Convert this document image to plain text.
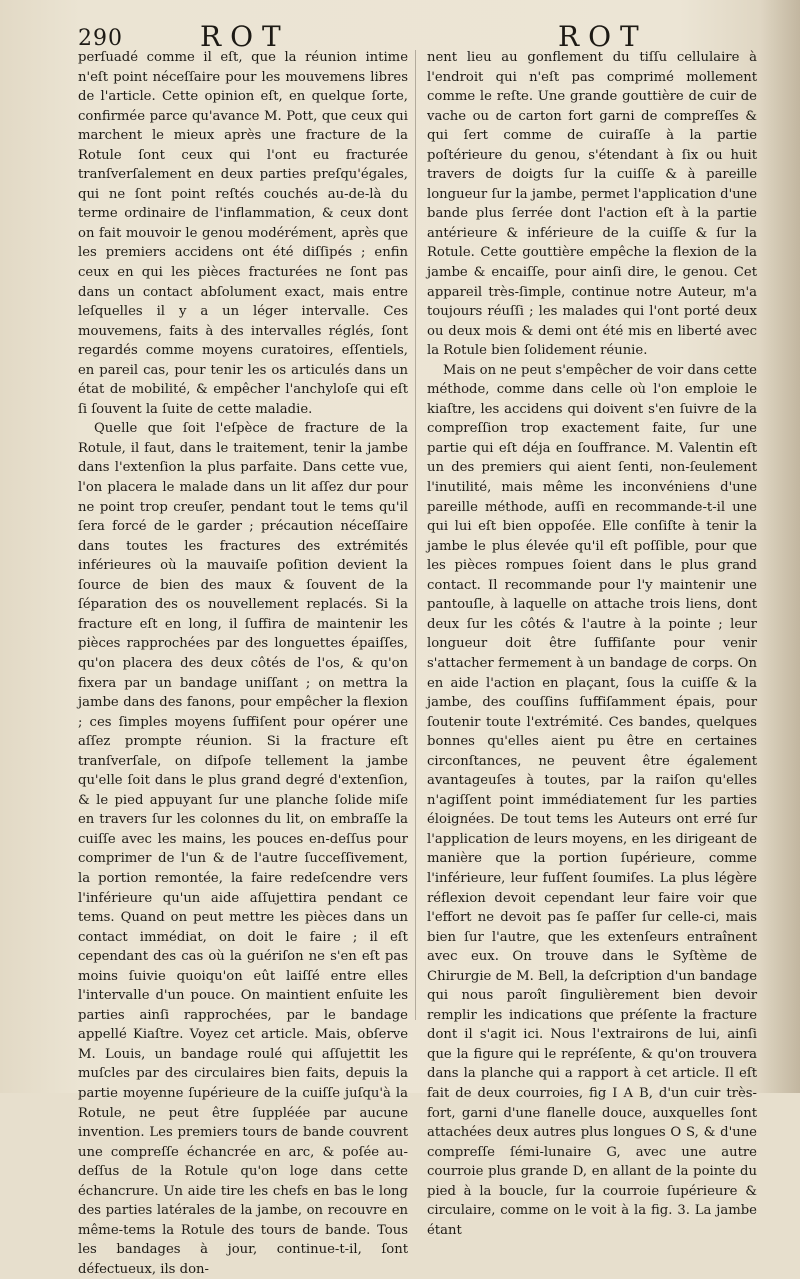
290	ROT	ROT

perſuadé comme il eſt, que la réunion intime n'eſt point néceſſaire pour les mouvemens libres de l'article. Cette opinion eſt, en quelque ſorte, confirmée parce qu'avance M. Pott, que ceux qui marchent le mieux après une fracture de la Rotule ſont ceux qui l'ont eu fracturée tranſverſalement en deux parties preſqu'égales, qui ne ſont point reſtés couchés au-de-là du terme ordinaire de l'inflammation, & ceux dont on fait mouvoir le genou modérément, après que les premiers accidens ont été diſſipés ; enfin ceux en qui les pièces fracturées ne ſont pas dans un contact abſolument exact, mais entre leſquelles il y a un léger intervalle. Ces mouvemens, faits à des intervalles réglés, ſont regardés comme moyens curatoires, eſſentiels, en pareil cas, pour tenir les os articulés dans un état de mobilité, & empêcher l'anchyloſe qui eſt ſi ſouvent la ſuite de cette maladie.

Quelle que ſoit l'eſpèce de fracture de la Rotule, il faut, dans le traitement, tenir la jambe dans l'extenſion la plus parfaite. Dans cette vue, l'on placera le malade dans un lit aſſez dur pour ne point trop creuſer, pendant tout le tems qu'il ſera forcé de le garder ; précaution néceſſaire dans toutes les fractures des extrémités inférieures où la mauvaiſe poſition devient la ſource de bien des maux & ſouvent de la ſéparation des os nouvellement replacés. Si la fracture eſt en long, il ſuffira de maintenir les pièces rapprochées par des longuettes épaiſſes, qu'on placera des deux côtés de l'os, & qu'on fixera par un bandage uniſſant ; on mettra la jambe dans des fanons, pour empêcher la flexion ; ces ſimples moyens ſuffiſent pour opérer une aſſez prompte réunion. Si la fracture eſt tranſverſale, on diſpoſe tellement la jambe qu'elle ſoit dans le plus grand degré d'extenſion, & le pied appuyant ſur une planche ſolide miſe en travers ſur les colonnes du lit, on embraſſe la cuiſſe avec les mains, les pouces en-deſſus pour comprimer de l'un & de l'autre ſucceſſivement, la portion remontée, la faire redeſcendre vers l'inférieure qu'un aide aſſujettira pendant ce tems. Quand on peut mettre les pièces dans un contact immédiat, on doit le faire ; il eſt cependant des cas où la guériſon ne s'en eſt pas moins ſuivie quoiqu'on eût laiſſé entre elles l'intervalle d'un pouce. On maintient enſuite les parties ainſi rapprochées, par le bandage appellé Kiaſtre. Voyez cet article. Mais, obſerve M. Louis, un bandage roulé qui aſſujettit les muſcles par des circulaires bien faits, depuis la partie moyenne ſupérieure de la cuiſſe juſqu'à la Rotule, ne peut être ſuppléée par aucune invention. Les premiers tours de bande couvrent une compreſſe échancrée en arc, & poſée au-deſſus de la Rotule qu'on loge dans cette échancrure. Un aide tire les chefs en bas le long des parties latérales de la jambe, on recouvre en même-tems la Rotule des tours de bande. Tous les bandages à jour, continue-t-il, ſont défectueux, ils don-

nent lieu au gonflement du tiſſu cellulaire à l'endroit qui n'eſt pas comprimé mollement comme le reſte. Une grande gouttière de cuir de vache ou de carton fort garni de compreſſes & qui ſert comme de cuiraſſe à la partie poſtérieure du genou, s'étendant à ſix ou huit travers de doigts ſur la cuiſſe & à pareille longueur ſur la jambe, permet l'application d'une bande plus ſerrée dont l'action eſt à la partie antérieure & inférieure de la cuiſſe & ſur la Rotule. Cette gouttière empêche la flexion de la jambe & encaiſſe, pour ainſi dire, le genou. Cet appareil très-ſimple, continue notre Auteur, m'a toujours réuſſi ; les malades qui l'ont porté deux ou deux mois & demi ont été mis en liberté avec la Rotule bien ſolidement réunie.

Mais on ne peut s'empêcher de voir dans cette méthode, comme dans celle où l'on emploie le kiaſtre, les accidens qui doivent s'en ſuivre de la compreſſion trop exactement faite, ſur une partie qui eſt déja en ſouffrance. M. Valentin eſt un des premiers qui aient ſenti, non-ſeulement l'inutilité, mais même les inconvéniens d'une pareille méthode, auſſi en recommande-t-il une qui lui eſt bien oppoſée. Elle conſiſte à tenir la jambe le plus élevée qu'il eſt poſſible, pour que les pièces rompues ſoient dans le plus grand contact. Il recommande pour l'y maintenir une pantouſle, à laquelle on attache trois liens, dont deux ſur les côtés & l'autre à la pointe ; leur longueur doit être ſuffiſante pour venir s'attacher fermement à un bandage de corps. On en aide l'action en plaçant, ſous la cuiſſe & la jambe, des couſſins ſuffiſamment épais, pour ſoutenir toute l'extrémité. Ces bandes, quelques bonnes qu'elles aient pu être en certaines circonſtances, ne peuvent être également avantageuſes à toutes, par la raiſon qu'elles n'agiſſent point immédiatement ſur les parties éloignées. De tout tems les Auteurs ont erré ſur l'application de leurs moyens, en les dirigeant de manière que la portion ſupérieure, comme l'inférieure, leur fuſſent ſoumiſes. La plus légère réflexion devoit cependant leur faire voir que l'effort ne devoit pas ſe paſſer ſur celle-ci, mais bien ſur l'autre, que les extenſeurs entraînent avec eux. On trouve dans le Syſtème de Chirurgie de M. Bell, la deſcription d'un bandage qui nous paroît ſingulièrement bien devoir remplir les indications que préſente la fracture dont il s'agit ici. Nous l'extrairons de lui, ainſi que la figure qui le repréſente, & qu'on trouvera dans la planche qui a rapport à cet article. Il eſt fait de deux courroies, fig I A B, d'un cuir très-fort, garni d'une flanelle douce, auxquelles ſont attachées deux autres plus longues O S, & d'une compreſſe ſémi-lunaire G, avec une autre courroie plus grande D, en allant de la pointe du pied à la boucle, ſur la courroie ſupérieure & circulaire, comme on le voit à la fig. 3. La jambe étant
